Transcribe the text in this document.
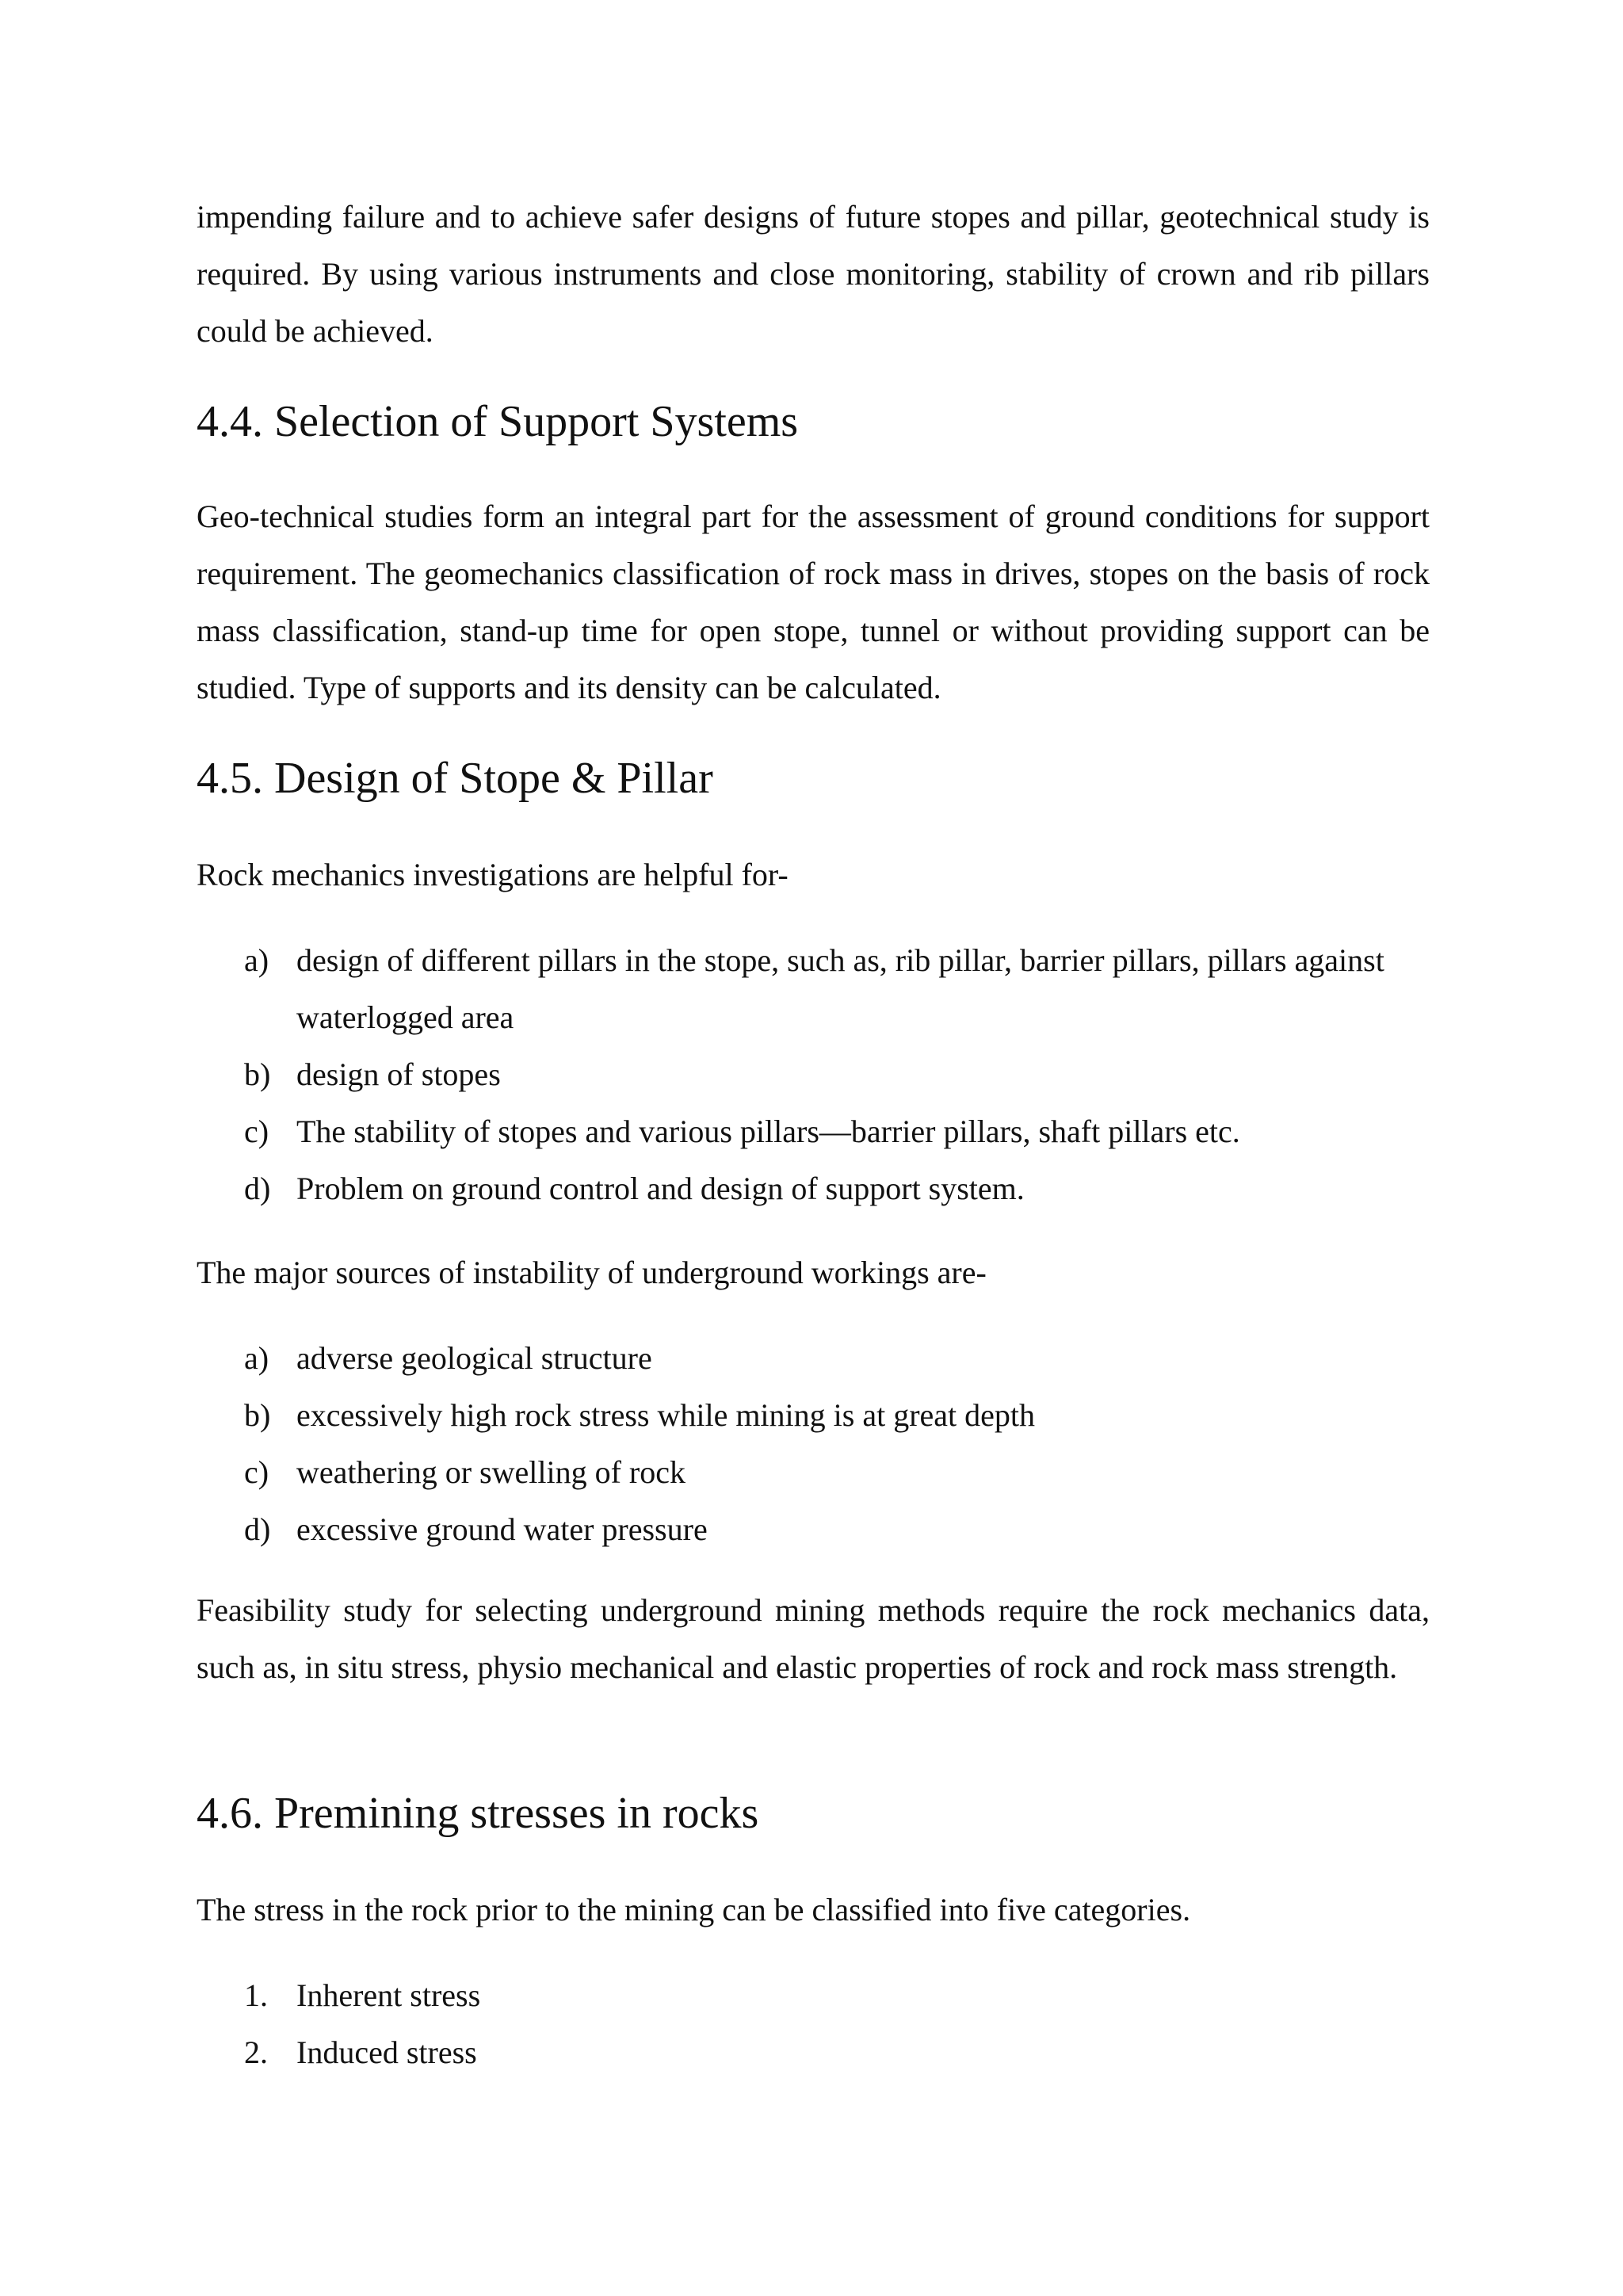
impending failure and to achieve safer designs of future stopes and pillar, geotechnical study is required. By using various instruments and close monitoring, stability of crown and rib pillars could be achieved.

4.4. Selection of Support Systems

Geo-technical studies form an integral part for the assessment of ground conditions for support requirement. The geomechanics classification of rock mass in drives, stopes on the basis of rock mass classification, stand-up time for open stope, tunnel or without providing support can be studied. Type of supports and its density can be calculated.

4.5. Design of Stope & Pillar

Rock mechanics investigations are helpful for-

a) design of different pillars in the stope, such as, rib pillar, barrier pillars, pillars against waterlogged area
b) design of stopes
c) The stability of stopes and various pillars—barrier pillars, shaft pillars etc.
d) Problem on ground control and design of support system.

The major sources of instability of underground workings are-

a) adverse geological structure
b) excessively high rock stress while mining is at great depth
c) weathering or swelling of rock
d) excessive ground water pressure

Feasibility study for selecting underground mining methods require the rock mechanics data, such as, in situ stress, physio mechanical and elastic properties of rock and rock mass strength.

4.6. Premining stresses in rocks

The stress in the rock prior to the mining can be classified into five categories.

1. Inherent stress
2. Induced stress
